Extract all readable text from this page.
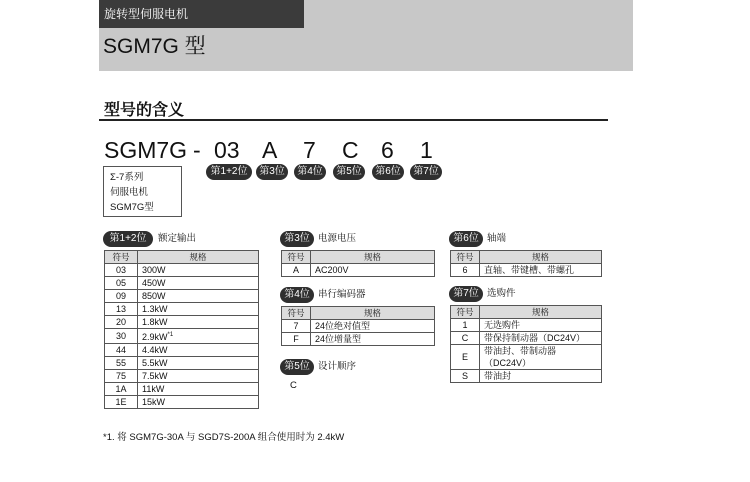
旋转型伺服电机
SGM7G 型
型号的含义
SGM7G - 03 A 7 C 6 1
第1+2位	第3位	第4位	第5位	第6位	第7位
Σ-7系列
伺服电机
SGM7G型
第1+2位	额定输出
符号	规格
03	300W
05	450W
09	850W
13	1.3kW
20	1.8kW
30	$2.9kW^{*1}$
44	4.4kW
55	5.5kW
75	7.5kW
1A	11kW
1E	15kW
第3位 电源电压
符号	规格
A	AC200V
第4位 串行编码器
符号	规格
7	24位绝对值型
F	24位增量型
第5位 设计顺序
C
第6位 轴端
符号	规格
6	直轴、带键槽、带螺孔
第7位 选购件
符号	规格
1	无选购件
C	带保持制动器（DC24V）
E	带油封、带制动器（DC24V）
S	带油封
*1. 将 SGM7G-30A 与 SGD7S-200A 组合使用时为 2.4kW
